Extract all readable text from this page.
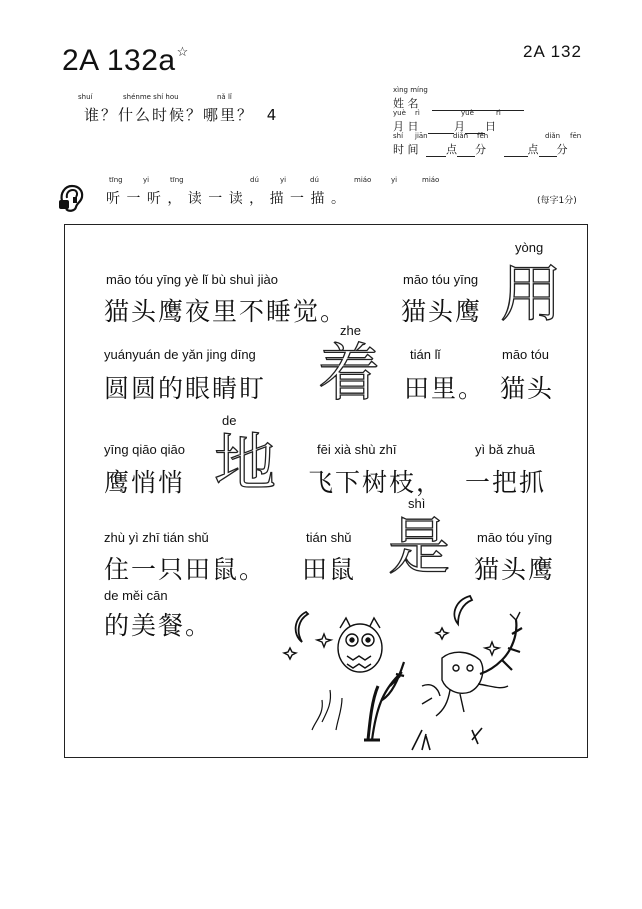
2A 132a☆	2A 132
shuí	shénme shí hou	nǎ lǐ
谁？什么时候？哪里？ 4
xìng míng
姓 名
yuè rì	yuè	rì
月 日	月 日
shí jiān	diǎn fēn	diǎn fēn
时 间	点 分	点 分
tīng	yi	tīng	dú	yi	dú	miáo	yi	miáo
听 一 听 ， 读 一 读 ， 描 一 描 。	(每字1分)
māo tóu yīng yè lǐ bù shuì jiào
猫头鹰夜里不睡觉。
māo tóu yīng
猫头鹰
yòng
用
yuányuán de yǎn jing dīng
圆圆的眼睛盯
zhe
着 tián lǐ
田里。
māo tóu
猫头
yīng qiāo qiāo
鹰悄悄
de
地	fēi xià shù zhī
飞下树枝，
yì bǎ zhuā
一把抓
zhù yì zhī tián shǔ
住一只田鼠。
tián shǔ
田鼠
shì
是 māo tóu yīng
猫头鹰
de měi cān
的美餐。
